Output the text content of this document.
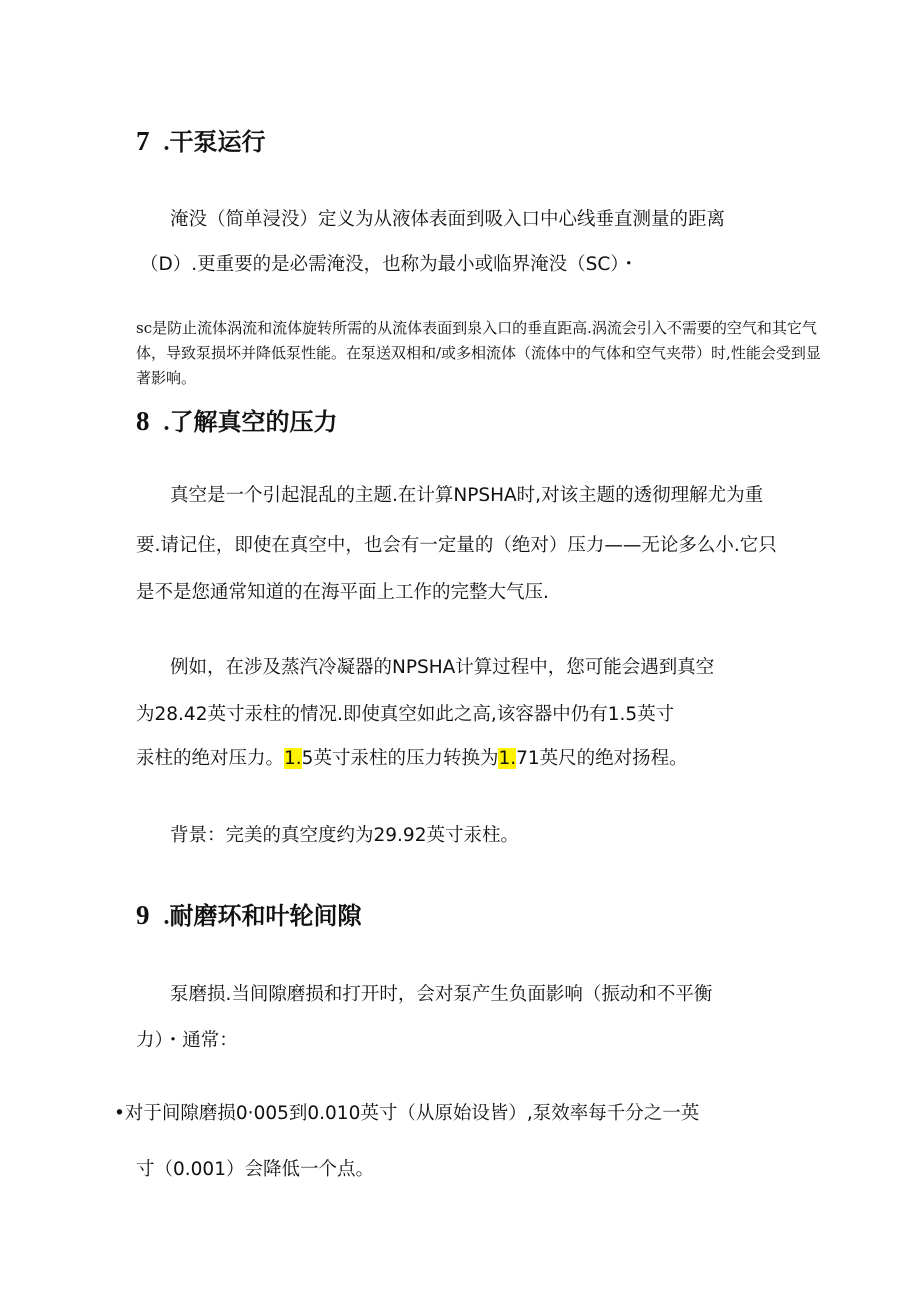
7 .干泵运行

淹没（简单浸没）定义为从液体表面到吸入口中心线垂直测量的距离

（D）.更重要的是必需淹没，也称为最小或临界淹没（SC）・

sc是防止流体涡流和流体旋转所需的从流体表面到泉入口的垂直距高.涡流会引入不需要的空气和其它气体，导致泵损坏并降低泵性能。在泵送双相和/或多相流体（流体中的气体和空气夹带）时,性能会受到显著影响。

8 .了解真空的压力

真空是一个引起混乱的主题.在计算NPSHA时,对该主题的透彻理解尤为重

要.请记住，即使在真空中，也会有一定量的（绝对）压力——无论多么小.它只

是不是您通常知道的在海平面上工作的完整大气压.

例如，在涉及蒸汽冷凝器的NPSHA计算过程中，您可能会遇到真空

为28.42英寸汞柱的情况.即使真空如此之高,该容器中仍有1.5英寸

汞柱的绝对压力。1.5英寸汞柱的压力转换为1.71英尺的绝对扬程。

背景：完美的真空度约为29.92英寸汞柱。

9 .耐磨环和叶轮间隙

泵磨损.当间隙磨损和打开时，会对泵产生负面影响（振动和不平衡

力）・通常：

•对于间隙磨损0·005到0.010英寸（从原始设皆）,泵效率每千分之一英

寸（0.001）会降低一个点。
